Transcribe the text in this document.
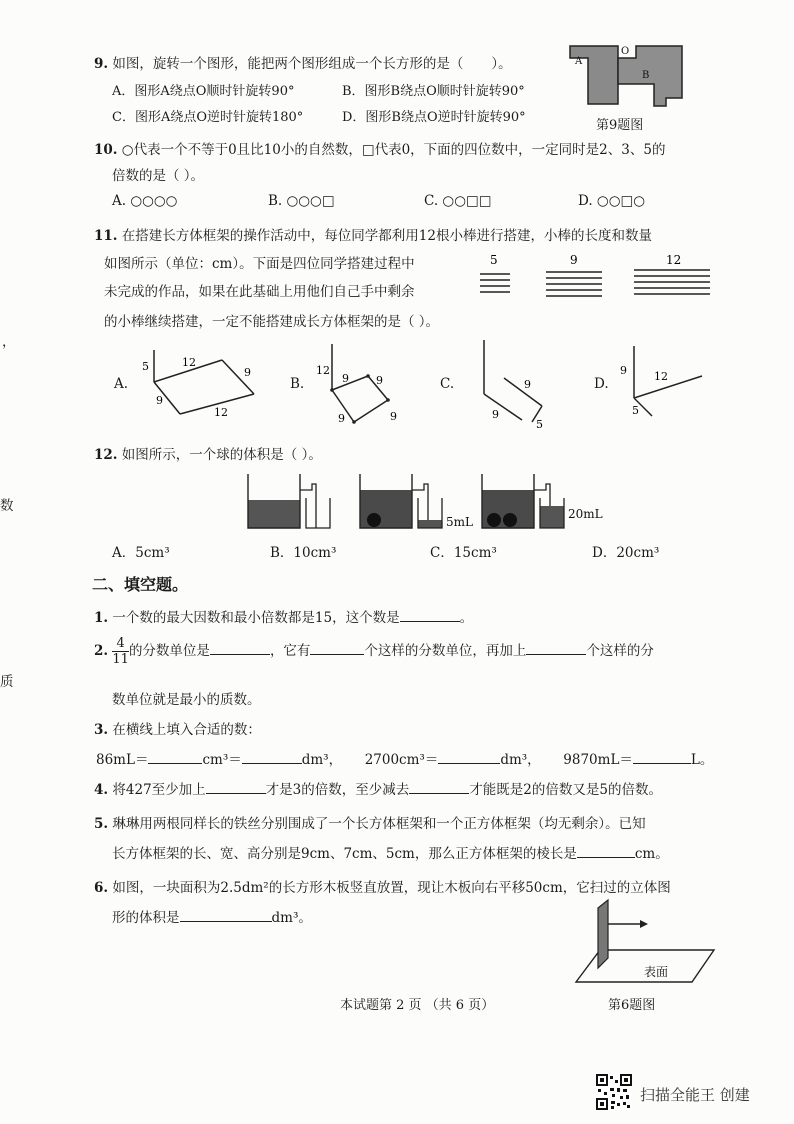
，
数
质
9. 如图，旋转一个图形，能把两个图形组成一个长方形的是（ ）。
A．图形A绕点O顺时针旋转90°	B．图形B绕点O顺时针旋转90°
C．图形A绕点O逆时针旋转180°	D．图形B绕点O逆时针旋转90°
A
B
O
第9题图
10. ○代表一个不等于0且比10小的自然数，□代表0，下面的四位数中，一定同时是2、3、5的
倍数的是（ ）。
A. ○○○○	B. ○○○□	C. ○○□□	D. ○○□○
11. 在搭建长方体框架的操作活动中，每位同学都利用12根小棒进行搭建，小棒的长度和数量
如图所示（单位：cm）。下面是四位同学搭建过程中
未完成的作品，如果在此基础上用他们自己手中剩余
的小棒继续搭建，一定不能搭建成长方体框架的是（ ）。
5	9	12
A.
5	12
9
9
12
B.
12
9 9
9	9
C.	9
9
5
D.
9 12
5
12. 如图所示，一个球的体积是（ ）。
5mL
20mL
A．5cm³	B．10cm³	C．15cm³	D．20cm³
二、填空题。
1. 一个数的最大因数和最小倍数都是15，这个数是	。
2. $\frac{4}{11}$ 的分数单位是	，它有	个这样的分数单位，再加上	个这样的分
数单位就是最小的质数。
3. 在横线上填入合适的数：
86mL＝	cm³＝	dm³， 2700cm³＝	dm³， 9870mL＝	L。
4. 将427至少加上	才是3的倍数，至少减去	才能既是2的倍数又是5的倍数。
5. 琳琳用两根同样长的铁丝分别围成了一个长方体框架和一个正方体框架（均无剩余）。已知
长方体框架的长、宽、高分别是9cm、7cm、5cm，那么正方体框架的棱长是	cm。
6. 如图，一块面积为2.5dm²的长方形木板竖直放置，现让木板向右平移50cm，它扫过的立体图
形的体积是	dm³。
表面
第6题图
本试题第 2 页 （共 6 页）
扫描全能王 创建
